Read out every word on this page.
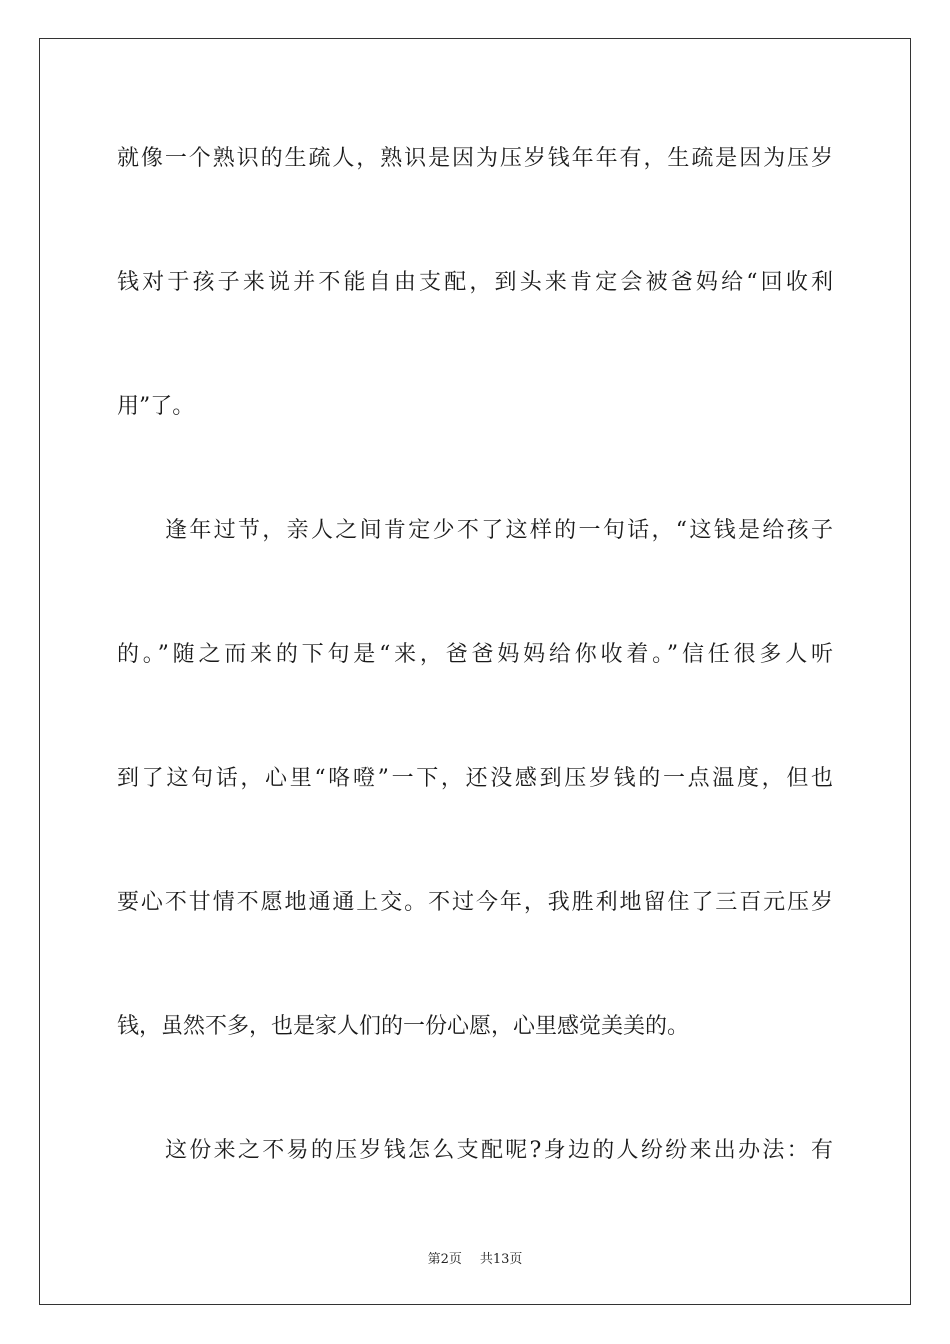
就像一个熟识的生疏人，熟识是因为压岁钱年年有，生疏是因为压岁
钱对于孩子来说并不能自由支配，到头来肯定会被爸妈给“回收利
用”了。
逢年过节，亲人之间肯定少不了这样的一句话，“这钱是给孩子
的。”随之而来的下句是“来，爸爸妈妈给你收着。”信任很多人听
到了这句话，心里“咯噔”一下，还没感到压岁钱的一点温度，但也
要心不甘情不愿地通通上交。不过今年，我胜利地留住了三百元压岁
钱，虽然不多，也是家人们的一份心愿，心里感觉美美的。
这份来之不易的压岁钱怎么支配呢?身边的人纷纷来出办法：有
第2页 共13页
